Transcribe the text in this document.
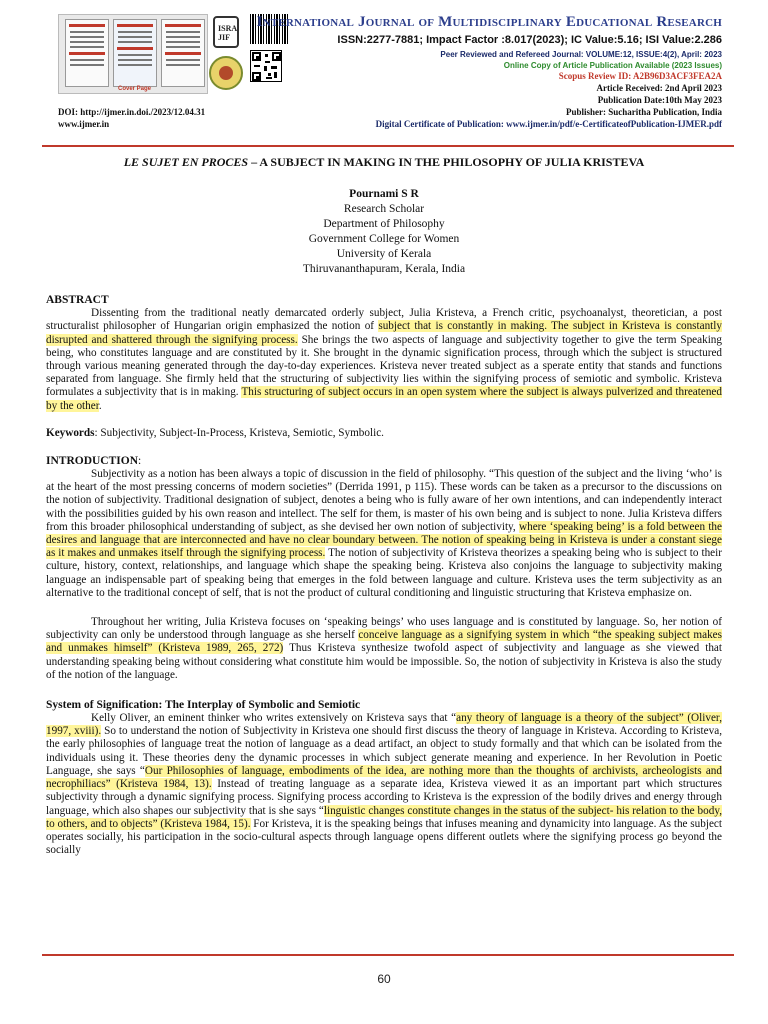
Cover Page
ISRA JIF
International Journal of Multidisciplinary Educational Research
ISSN:2277-7881; Impact Factor :8.017(2023); IC Value:5.16; ISI Value:2.286
Peer Reviewed and Refereed Journal: VOLUME:12, ISSUE:4(2), April: 2023
Online Copy of Article Publication Available (2023 Issues)
Scopus Review ID: A2B96D3ACF3FEA2A
Article Received: 2nd April 2023
Publication Date:10th May 2023
Publisher: Sucharitha Publication, India
Digital Certificate of Publication: www.ijmer.in/pdf/e-CertificateofPublication-IJMER.pdf
DOI: http://ijmer.in.doi./2023/12.04.31
www.ijmer.in
LE SUJET EN PROCES – A SUBJECT IN MAKING IN THE PHILOSOPHY OF JULIA KRISTEVA
Pournami S R
Research Scholar
Department of Philosophy
Government College for Women
University of Kerala
Thiruvananthapuram, Kerala, India
ABSTRACT

Dissenting from the traditional neatly demarcated orderly subject, Julia Kristeva, a French critic, psychoanalyst, theoretician, a post structuralist philosopher of Hungarian origin emphasized the notion of subject that is constantly in making. The subject in Kristeva is constantly disrupted and shattered through the signifying process. She brings the two aspects of language and subjectivity together to give the term Speaking being, who constitutes language and are constituted by it. She brought in the dynamic signification process, through which the subject is structured through various meaning generated through the day-to-day experiences. Kristeva never treated subject as a sperate entity that stands and functions separated from language. She firmly held that the structuring of subjectivity lies within the signifying process of semiotic and symbolic. Kristeva formulates a subjectivity that is in making. This structuring of subject occurs in an open system where the subject is always pulverized and threatened by the other.

Keywords: Subjectivity, Subject-In-Process, Kristeva, Semiotic, Symbolic.

INTRODUCTION:

Subjectivity as a notion has been always a topic of discussion in the field of philosophy. “This question of the subject and the living ‘who’ is at the heart of the most pressing concerns of modern societies” (Derrida 1991, p 115). These words can be taken as a precursor to the discussions on the notion of subjectivity. Traditional designation of subject, denotes a being who is fully aware of her own intentions, and can independently interact with the possibilities guided by his own reason and intellect. The self for them, is master of his own being and is subject to none. Julia Kristeva differs from this broader philosophical understanding of subject, as she devised her own notion of subjectivity, where ‘speaking being’ is a fold between the desires and language that are interconnected and have no clear boundary between. The notion of speaking being in Kristeva is under a constant siege as it makes and unmakes itself through the signifying process. The notion of subjectivity of Kristeva theorizes a speaking being who is subject to their culture, history, context, relationships, and language which shape the speaking being. Kristeva also conjoins the language to subjectivity making language an indispensable part of speaking being that emerges in the fold between language and culture. Kristeva uses the term subjectivity as an alternative to the traditional concept of self, that is not the product of cultural conditioning and linguistic structuring that Kristeva emphasize on.

Throughout her writing, Julia Kristeva focuses on ‘speaking beings’ who uses language and is constituted by language. So, her notion of subjectivity can only be understood through language as she herself conceive language as a signifying system in which “the speaking subject makes and unmakes himself” (Kristeva 1989, 265, 272) Thus Kristeva synthesize twofold aspect of subjectivity and language as she viewed that understanding speaking being without considering what constitute him would be impossible. So, the notion of subjectivity in Kristeva is also the study of the notion of the language.

System of Signification: The Interplay of Symbolic and Semiotic

Kelly Oliver, an eminent thinker who writes extensively on Kristeva says that “any theory of language is a theory of the subject” (Oliver, 1997, xviii). So to understand the notion of Subjectivity in Kristeva one should first discuss the theory of language in Kristeva. According to Kristeva, the early philosophies of language treat the notion of language as a dead artifact, an object to study formally and that which can be isolated from the individuals using it. These theories deny the dynamic processes in which subject generate meaning and experience. In her Revolution in Poetic Language, she says “Our Philosophies of language, embodiments of the idea, are nothing more than the thoughts of archivists, archeologists and necrophiliacs” (Kristeva 1984, 13). Instead of treating language as a separate idea, Kristeva viewed it as an important part which structures subjectivity through a dynamic signifying process. Signifying process according to Kristeva is the expression of the bodily drives and energy through language, which also shapes our subjectivity that is she says “linguistic changes constitute changes in the status of the subject- his relation to the body, to others, and to objects” (Kristeva 1984, 15). For Kristeva, it is the speaking beings that infuses meaning and dynamicity into language. As the subject operates socially, his participation in the socio-cultural aspects through language opens different outlets where the signifying process go beyond the socially

60
